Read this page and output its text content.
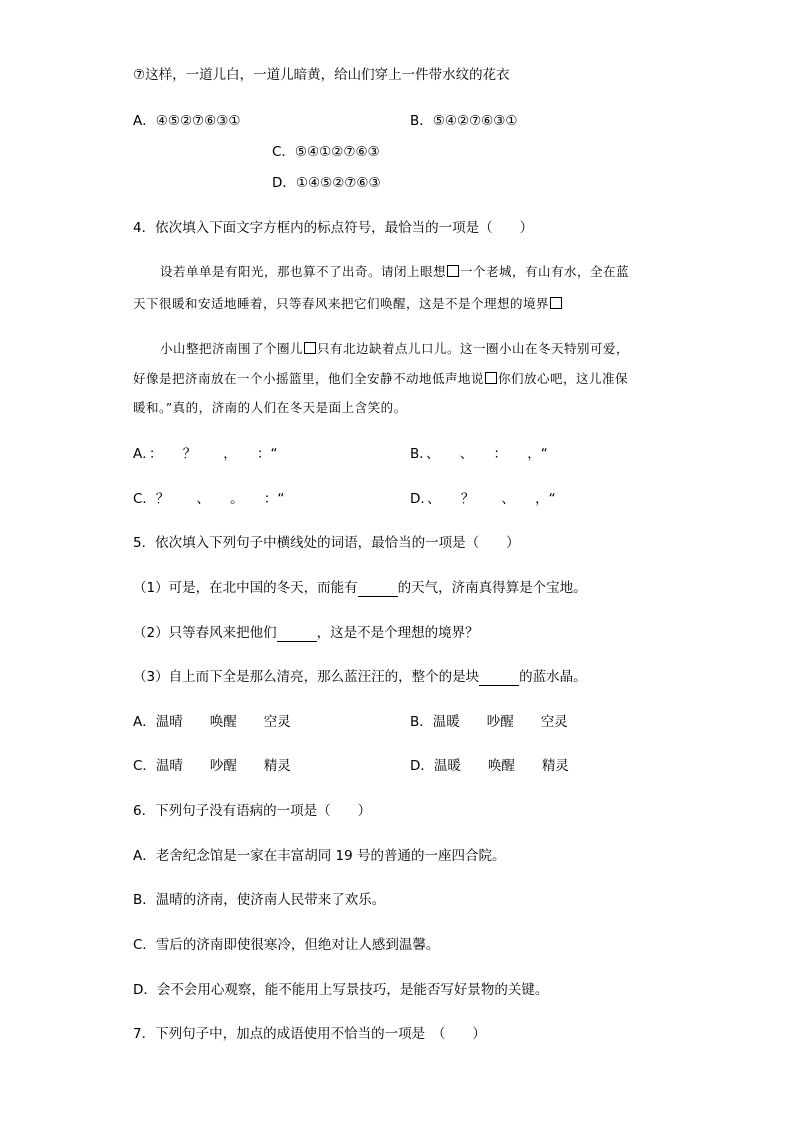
⑦这样，一道儿白，一道儿暗黄，给山们穿上一件带水纹的花衣
A．④⑤②⑦⑥③①	B．⑤④②⑦⑥③①
C．⑤④①②⑦⑥③
D．①④⑤②⑦⑥③
4．依次填入下面文字方框内的标点符号，最恰当的一项是（　　）
设若单单是有阳光，那也算不了出奇。请闭上眼想 一个老城，有山有水，全在蓝
天下很暖和安适地睡着，只等春风来把它们唤醒，这是不是个理想的境界
小山整把济南围了个圈儿 只有北边缺着点儿口儿。这一圈小山在冬天特别可爱，
好像是把济南放在一个小摇篮里，他们全安静不动地低声地说 你们放心吧，这儿准保
暖和。”真的，济南的人们在冬天是面上含笑的。
A．：　　？　　，　　：“	B．、　　、　　：　　，“
C．？　　、　　。　　：“	D．、　　？　　、　　，“
5．依次填入下列句子中横线处的词语，最恰当的一项是（　　）
（1）可是，在北中国的冬天，而能有	的天气，济南真得算是个宝地。
（2）只等春风来把他们	，这是不是个理想的境界？
（3）自上而下全是那么清亮，那么蓝汪汪的，整个的是块	的蓝水晶。
A．温晴　　唤醒　　空灵	B．温暖　　吵醒　　空灵
C．温晴　　吵醒　　精灵	D．温暖　　唤醒　　精灵
6．下列句子没有语病的一项是（　　）
A．老舍纪念馆是一家在丰富胡同 19 号的普通的一座四合院。
B．温晴的济南，使济南人民带来了欢乐。
C．雪后的济南即使很寒冷，但绝对让人感到温馨。
D．会不会用心观察，能不能用上写景技巧，是能否写好景物的关键。
7．下列句子中，加点的成语使用不恰当的一项是　（　　）
